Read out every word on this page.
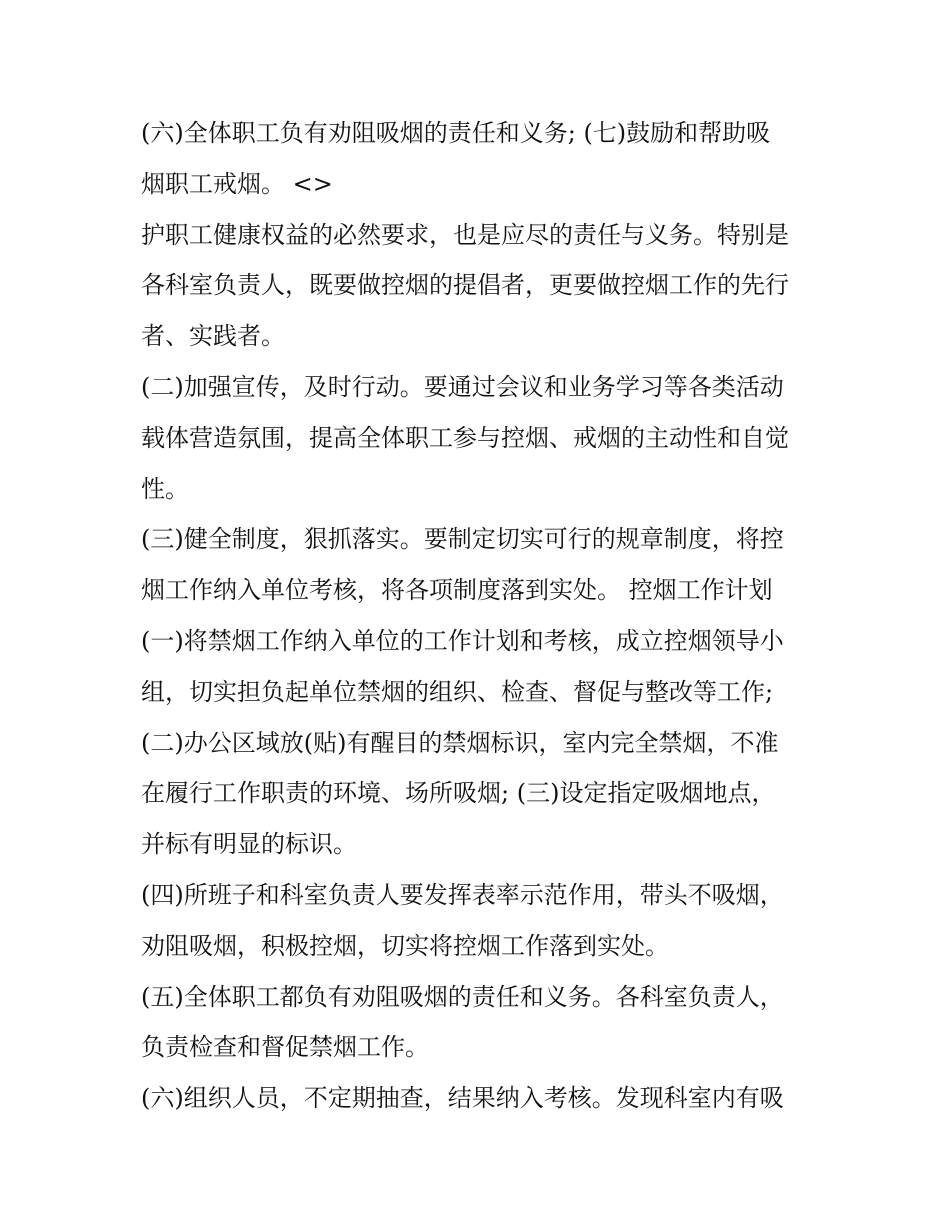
(六)全体职工负有劝阻吸烟的责任和义务; (七)鼓励和帮助吸
烟职工戒烟。 <>
护职工健康权益的必然要求，也是应尽的责任与义务。特别是
各科室负责人，既要做控烟的提倡者，更要做控烟工作的先行
者、实践者。
(二)加强宣传，及时行动。要通过会议和业务学习等各类活动
载体营造氛围，提高全体职工参与控烟、戒烟的主动性和自觉
性。
(三)健全制度，狠抓落实。要制定切实可行的规章制度，将控
烟工作纳入单位考核，将各项制度落到实处。 控烟工作计划
(一)将禁烟工作纳入单位的工作计划和考核，成立控烟领导小
组，切实担负起单位禁烟的组织、检查、督促与整改等工作;
(二)办公区域放(贴)有醒目的禁烟标识，室内完全禁烟，不准
在履行工作职责的环境、场所吸烟; (三)设定指定吸烟地点，
并标有明显的标识。
(四)所班子和科室负责人要发挥表率示范作用，带头不吸烟，
劝阻吸烟，积极控烟，切实将控烟工作落到实处。
(五)全体职工都负有劝阻吸烟的责任和义务。各科室负责人，
负责检查和督促禁烟工作。
(六)组织人员，不定期抽查，结果纳入考核。发现科室内有吸
